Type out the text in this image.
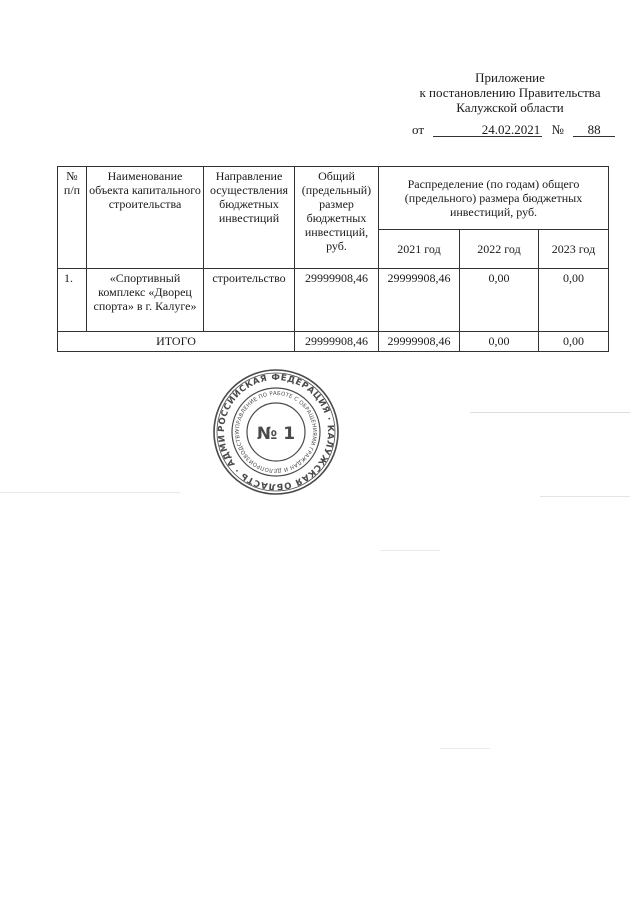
Приложение
к постановлению Правительства
Калужской области
от	24.02.2021 № 88
№ п/п	Наименование объекта капитального строительства	Направление осуществления бюджетных инвестиций	Общий (предельный) размер бюджетных инвестиций, руб.	Распределение (по годам) общего (предельного) размера бюджетных инвестиций, руб.		
				2021 год	2022 год	2023 год
1.	«Спортивный комплекс «Дворец спорта» в г. Калуге»	строительство	29999908,46	29999908,46	0,00	0,00
ИТОГО			29999908,46	29999908,46	0,00	0,00
РОССИЙСКАЯ ФЕДЕРАЦИЯ · КАЛУЖСКАЯ ОБЛАСТЬ · АДМИ
УПРАВЛЕНИЕ ПО РАБОТЕ С ОБРАЩЕНИЯМИ ГРАЖДАН И ДЕЛОПРОИЗВОДСТВУ № 1
